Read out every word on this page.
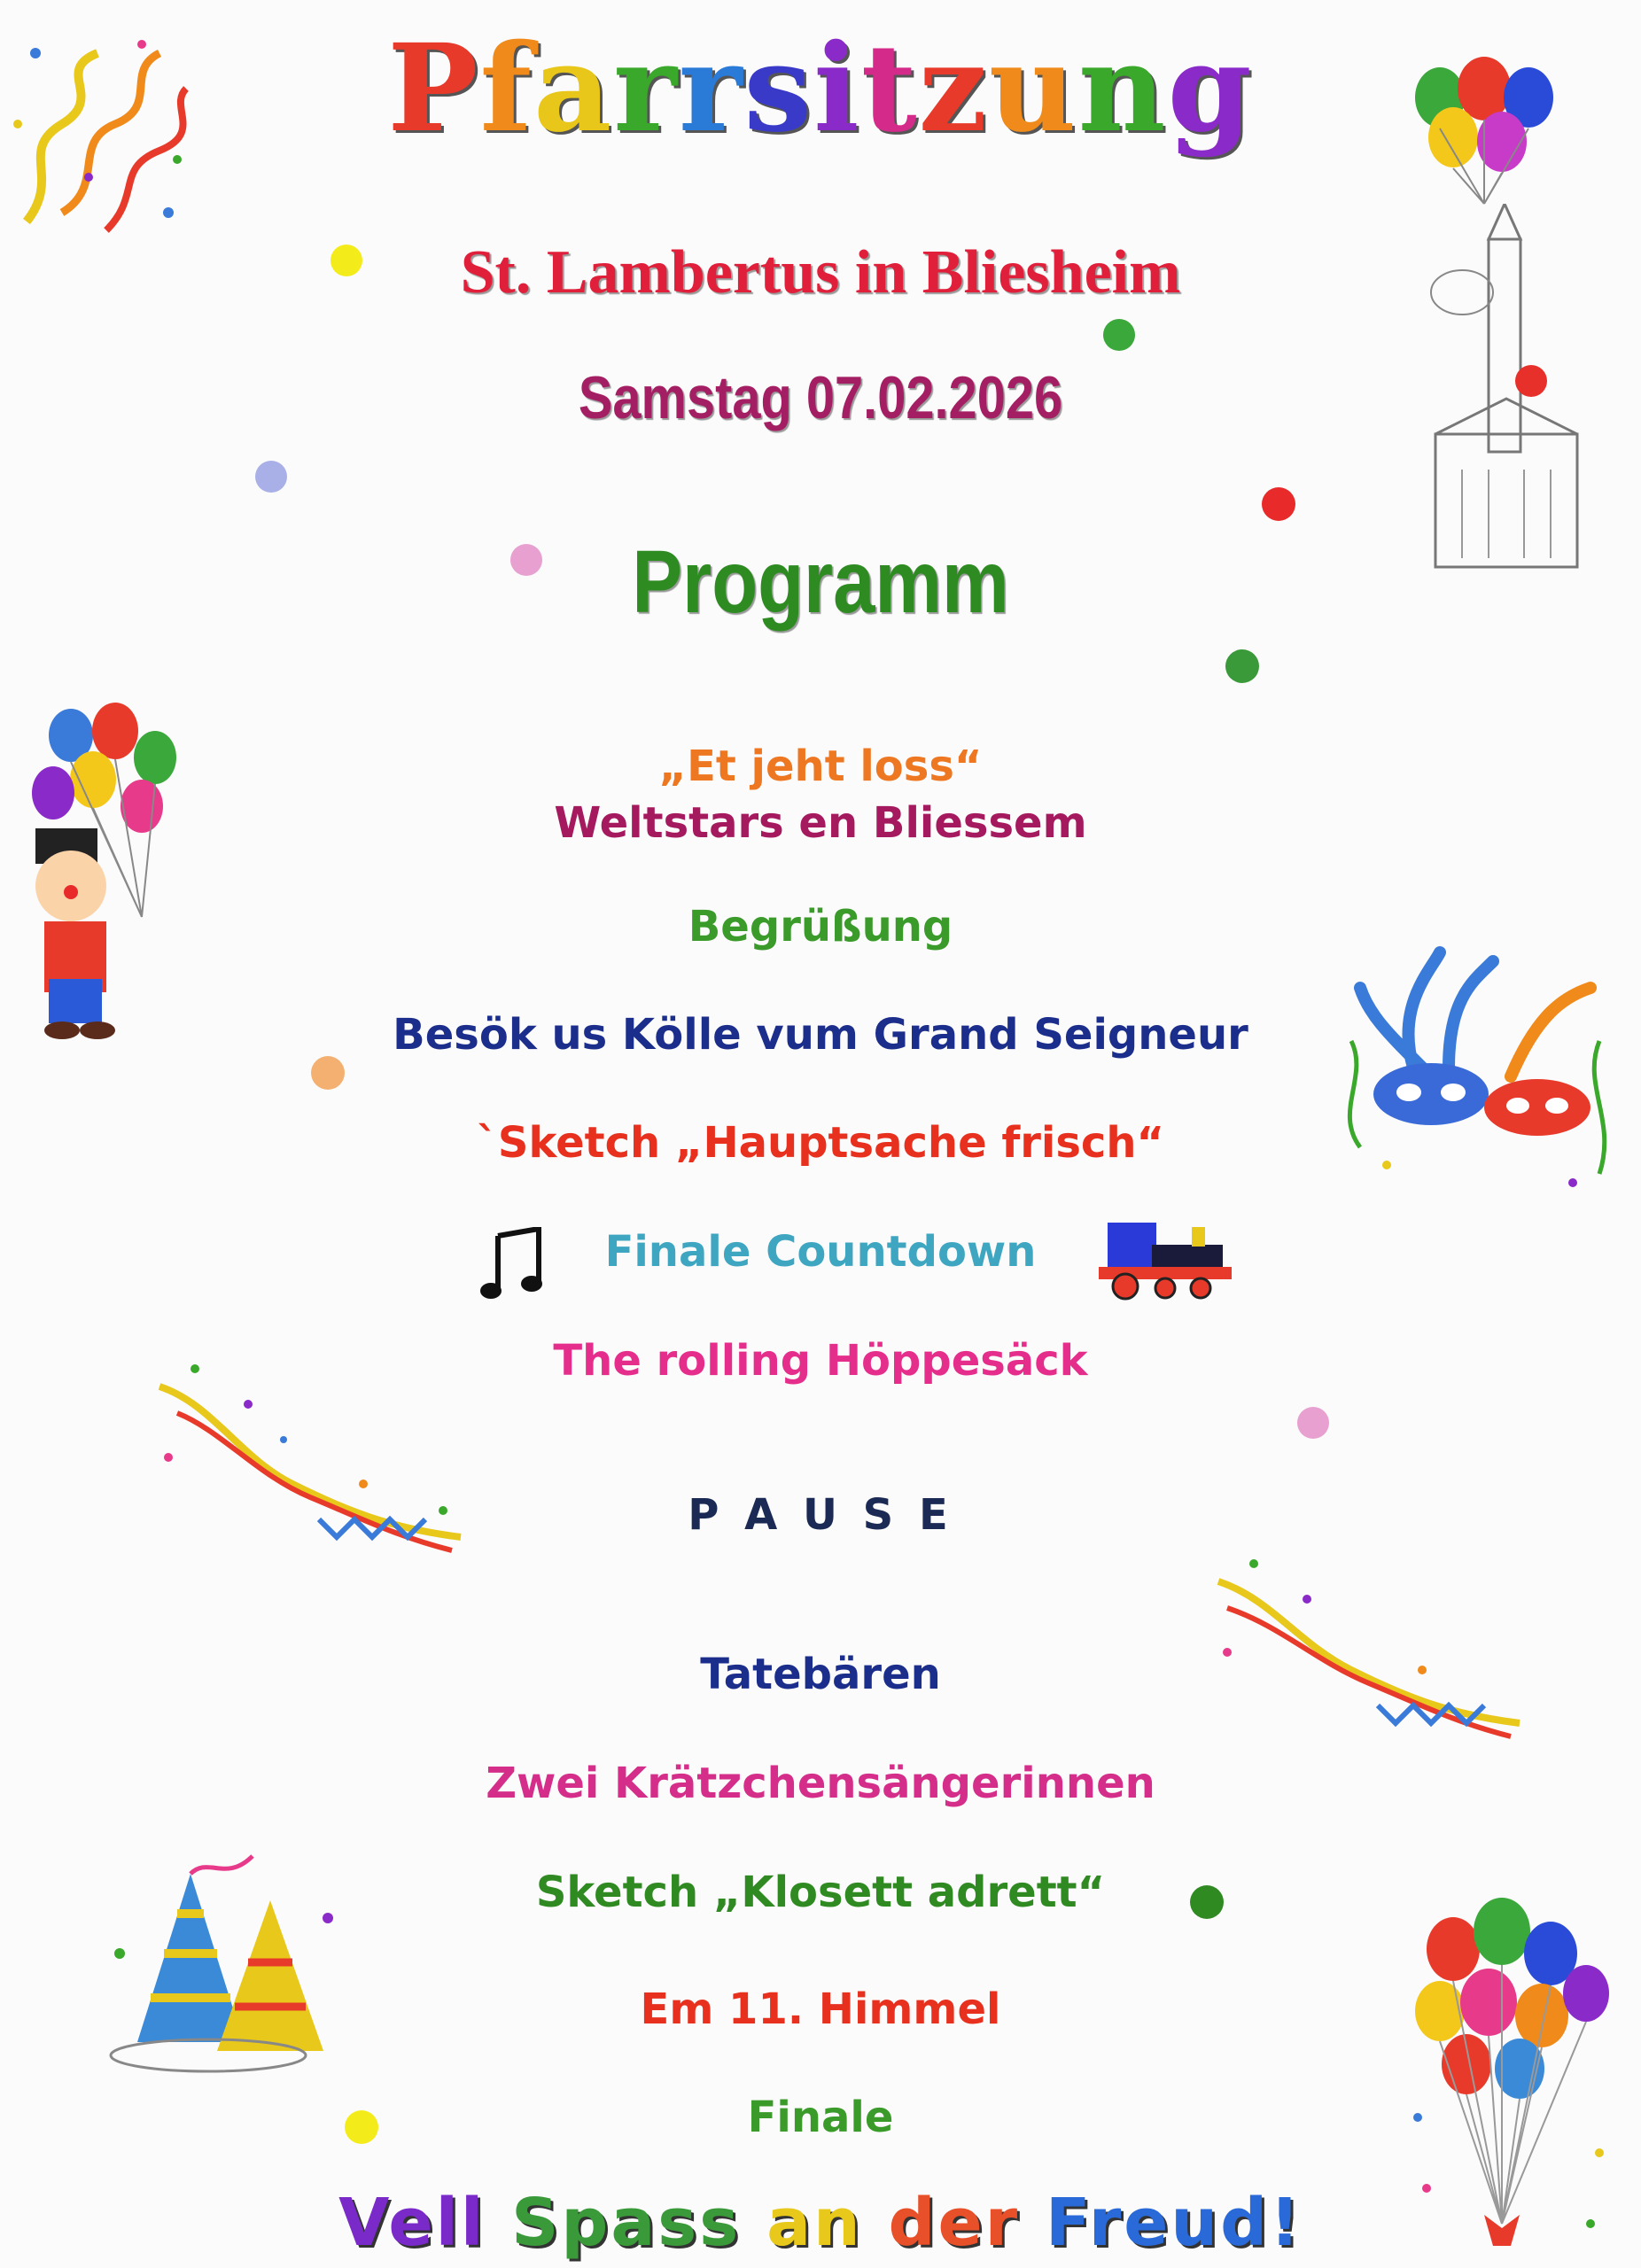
Pfarrsitzung
St. Lambertus in Bliesheim
Samstag 07.02.2026
Programm
„Et jeht loss“
Weltstars en Bliessem
Begrüßung
Besök us Kölle vum Grand Seigneur
`Sketch „Hauptsache frisch“
Finale Countdown
The rolling Höppesäck
P A U S E
Tatebären
Zwei Krätzchensängerinnen
Sketch „Klosett adrett“
Em 11. Himmel
Finale
Vell Spass an der Freud!
